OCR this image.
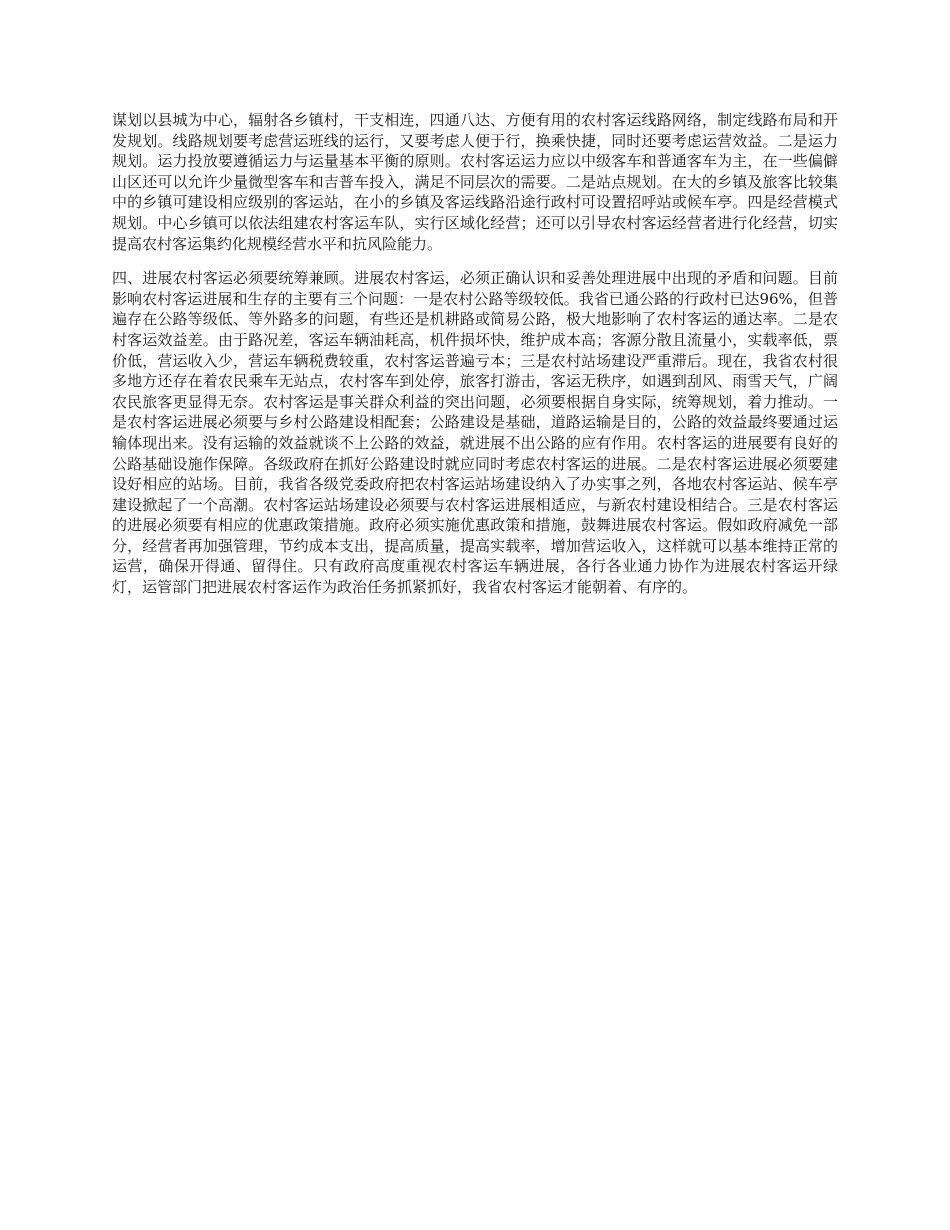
谋划以县城为中心，辐射各乡镇村，干支相连，四通八达、方便有用的农村客运线路网络，制定线路布局和开发规划。线路规划要考虑营运班线的运行，又要考虑人便于行，换乘快捷，同时还要考虑运营效益。二是运力规划。运力投放要遵循运力与运量基本平衡的原则。农村客运运力应以中级客车和普通客车为主，在一些偏僻山区还可以允许少量微型客车和吉普车投入，满足不同层次的需要。二是站点规划。在大的乡镇及旅客比较集中的乡镇可建设相应级别的客运站，在小的乡镇及客运线路沿途行政村可设置招呼站或候车亭。四是经营模式规划。中心乡镇可以依法组建农村客运车队，实行区域化经营；还可以引导农村客运经营者进行化经营，切实提高农村客运集约化规模经营水平和抗风险能力。

四、进展农村客运必须要统筹兼顾。进展农村客运，必须正确认识和妥善处理进展中出现的矛盾和问题。目前影响农村客运进展和生存的主要有三个问题：一是农村公路等级较低。我省已通公路的行政村已达96%，但普遍存在公路等级低、等外路多的问题，有些还是机耕路或简易公路，极大地影响了农村客运的通达率。二是农村客运效益差。由于路况差，客运车辆油耗高，机件损坏快，维护成本高；客源分散且流量小，实载率低，票价低，营运收入少，营运车辆税费较重，农村客运普遍亏本；三是农村站场建设严重滞后。现在，我省农村很多地方还存在着农民乘车无站点，农村客车到处停，旅客打游击，客运无秩序，如遇到刮风、雨雪天气，广阔农民旅客更显得无奈。农村客运是事关群众利益的突出问题，必须要根据自身实际，统筹规划，着力推动。一是农村客运进展必须要与乡村公路建设相配套；公路建设是基础，道路运输是目的，公路的效益最终要通过运输体现出来。没有运输的效益就谈不上公路的效益，就进展不出公路的应有作用。农村客运的进展要有良好的公路基础设施作保障。各级政府在抓好公路建设时就应同时考虑农村客运的进展。二是农村客运进展必须要建设好相应的站场。目前，我省各级党委政府把农村客运站场建设纳入了办实事之列，各地农村客运站、候车亭建设掀起了一个高潮。农村客运站场建设必须要与农村客运进展相适应，与新农村建设相结合。三是农村客运的进展必须要有相应的优惠政策措施。政府必须实施优惠政策和措施，鼓舞进展农村客运。假如政府减免一部分，经营者再加强管理，节约成本支出，提高质量，提高实载率，增加营运收入，这样就可以基本维持正常的运营，确保开得通、留得住。只有政府高度重视农村客运车辆进展，各行各业通力协作为进展农村客运开绿灯，运管部门把进展农村客运作为政治任务抓紧抓好，我省农村客运才能朝着、有序的。
